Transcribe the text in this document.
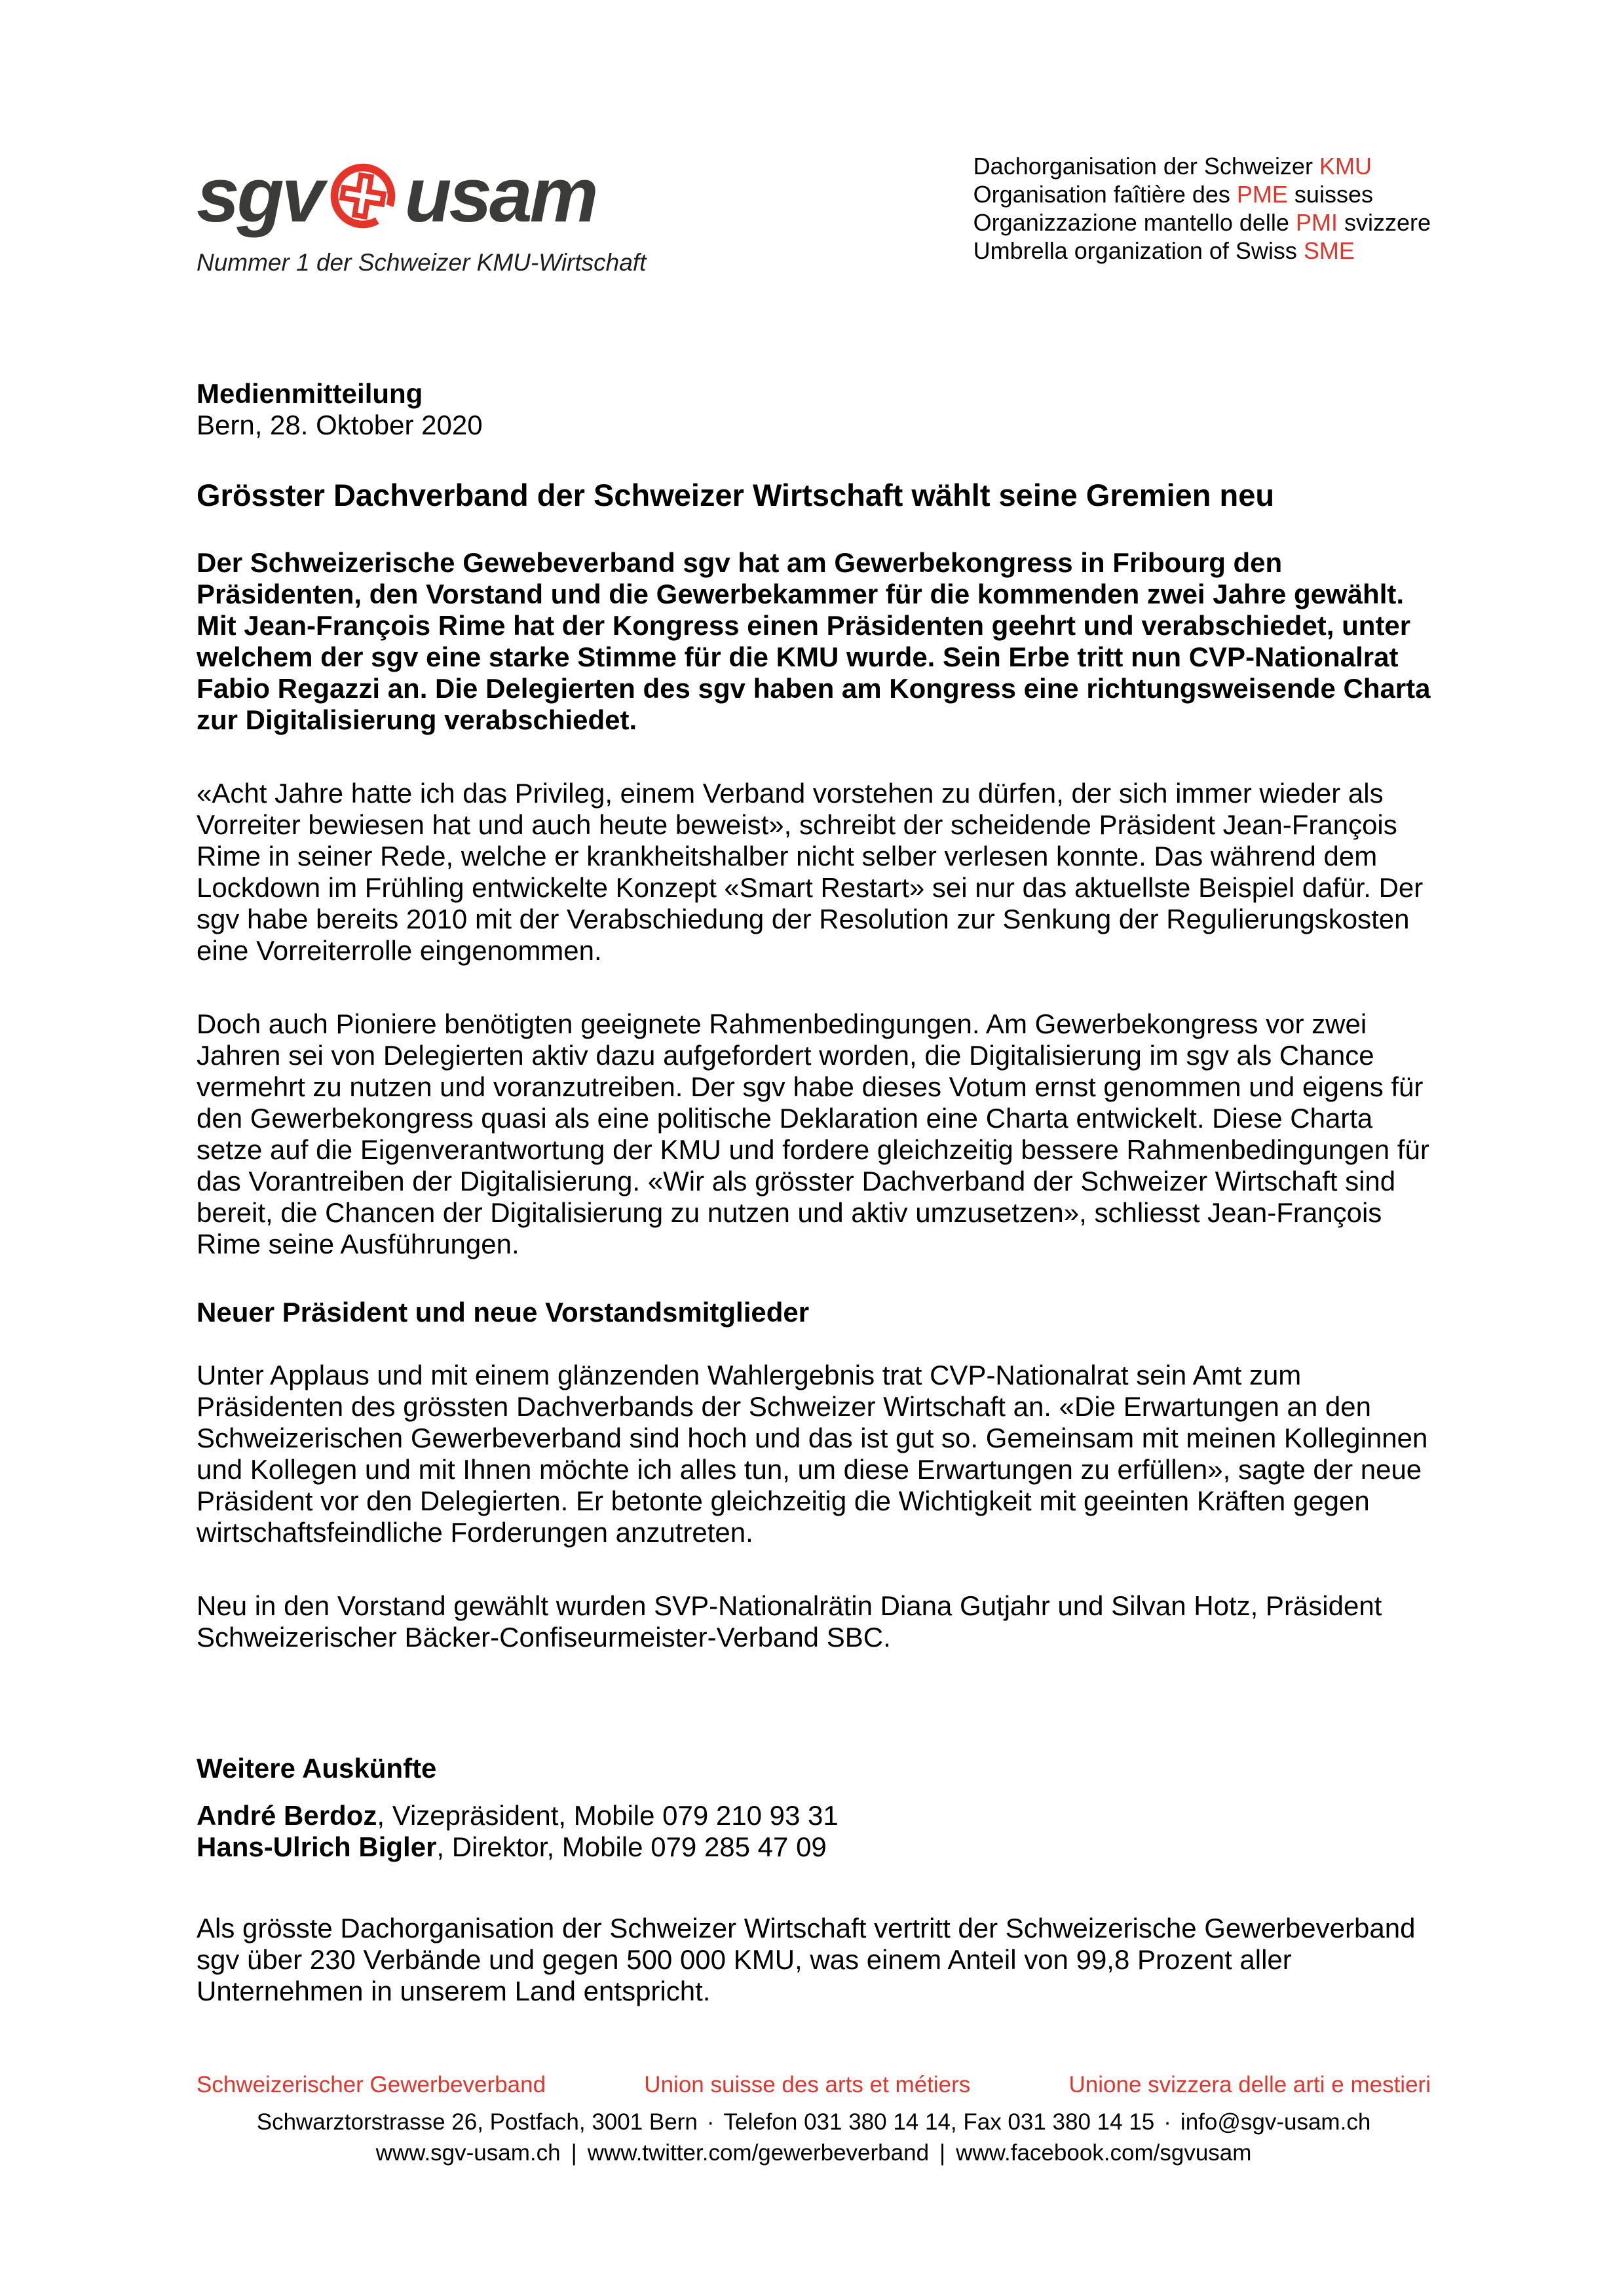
sgv usam
Nummer 1 der Schweizer KMU-Wirtschaft
Dachorganisation der Schweizer KMU
Organisation faîtière des PME suisses
Organizzazione mantello delle PMI svizzere
Umbrella organization of Swiss SME
Medienmitteilung
Bern, 28. Oktober 2020
Grösster Dachverband der Schweizer Wirtschaft wählt seine Gremien neu

Der Schweizerische Gewebeverband sgv hat am Gewerbekongress in Fribourg den Präsidenten, den Vorstand und die Gewerbekammer für die kommenden zwei Jahre gewählt. Mit Jean-François Rime hat der Kongress einen Präsidenten geehrt und verabschiedet, unter welchem der sgv eine starke Stimme für die KMU wurde. Sein Erbe tritt nun CVP-Nationalrat Fabio Regazzi an. Die Delegierten des sgv haben am Kongress eine richtungsweisende Charta zur Digitalisierung verabschiedet.

«Acht Jahre hatte ich das Privileg, einem Verband vorstehen zu dürfen, der sich immer wieder als Vorreiter bewiesen hat und auch heute beweist», schreibt der scheidende Präsident Jean-François Rime in seiner Rede, welche er krankheitshalber nicht selber verlesen konnte. Das während dem Lockdown im Frühling entwickelte Konzept «Smart Restart» sei nur das aktuellste Beispiel dafür. Der sgv habe bereits 2010 mit der Verabschiedung der Resolution zur Senkung der Regulierungskosten eine Vorreiterrolle eingenommen.

Doch auch Pioniere benötigten geeignete Rahmenbedingungen. Am Gewerbekongress vor zwei Jahren sei von Delegierten aktiv dazu aufgefordert worden, die Digitalisierung im sgv als Chance vermehrt zu nutzen und voranzutreiben. Der sgv habe dieses Votum ernst genommen und eigens für den Gewerbekongress quasi als eine politische Deklaration eine Charta entwickelt. Diese Charta setze auf die Eigenverantwortung der KMU und fordere gleichzeitig bessere Rahmenbedingungen für das Vorantreiben der Digitalisierung. «Wir als grösster Dachverband der Schweizer Wirtschaft sind bereit, die Chancen der Digitalisierung zu nutzen und aktiv umzusetzen», schliesst Jean-François Rime seine Ausführungen.

Neuer Präsident und neue Vorstandsmitglieder

Unter Applaus und mit einem glänzenden Wahlergebnis trat CVP-Nationalrat sein Amt zum Präsidenten des grössten Dachverbands der Schweizer Wirtschaft an. «Die Erwartungen an den Schweizerischen Gewerbeverband sind hoch und das ist gut so. Gemeinsam mit meinen Kolleginnen und Kollegen und mit Ihnen möchte ich alles tun, um diese Erwartungen zu erfüllen», sagte der neue Präsident vor den Delegierten. Er betonte gleichzeitig die Wichtigkeit mit geeinten Kräften gegen wirtschaftsfeindliche Forderungen anzutreten.

Neu in den Vorstand gewählt wurden SVP-Nationalrätin Diana Gutjahr und Silvan Hotz, Präsident Schweizerischer Bäcker-Confiseurmeister-Verband SBC.

Weitere Auskünfte
André Berdoz, Vizepräsident, Mobile 079 210 93 31
Hans-Ulrich Bigler, Direktor, Mobile 079 285 47 09

Als grösste Dachorganisation der Schweizer Wirtschaft vertritt der Schweizerische Gewerbeverband sgv über 230 Verbände und gegen 500 000 KMU, was einem Anteil von 99,8 Prozent aller Unternehmen in unserem Land entspricht.

Schweizerischer Gewerbeverband	Union suisse des arts et métiers	Unione svizzera delle arti e mestieri
Schwarztorstrasse 26, Postfach, 3001 Bern · Telefon 031 380 14 14, Fax 031 380 14 15 · info@sgv-usam.ch
www.sgv-usam.ch | www.twitter.com/gewerbeverband | www.facebook.com/sgvusam
